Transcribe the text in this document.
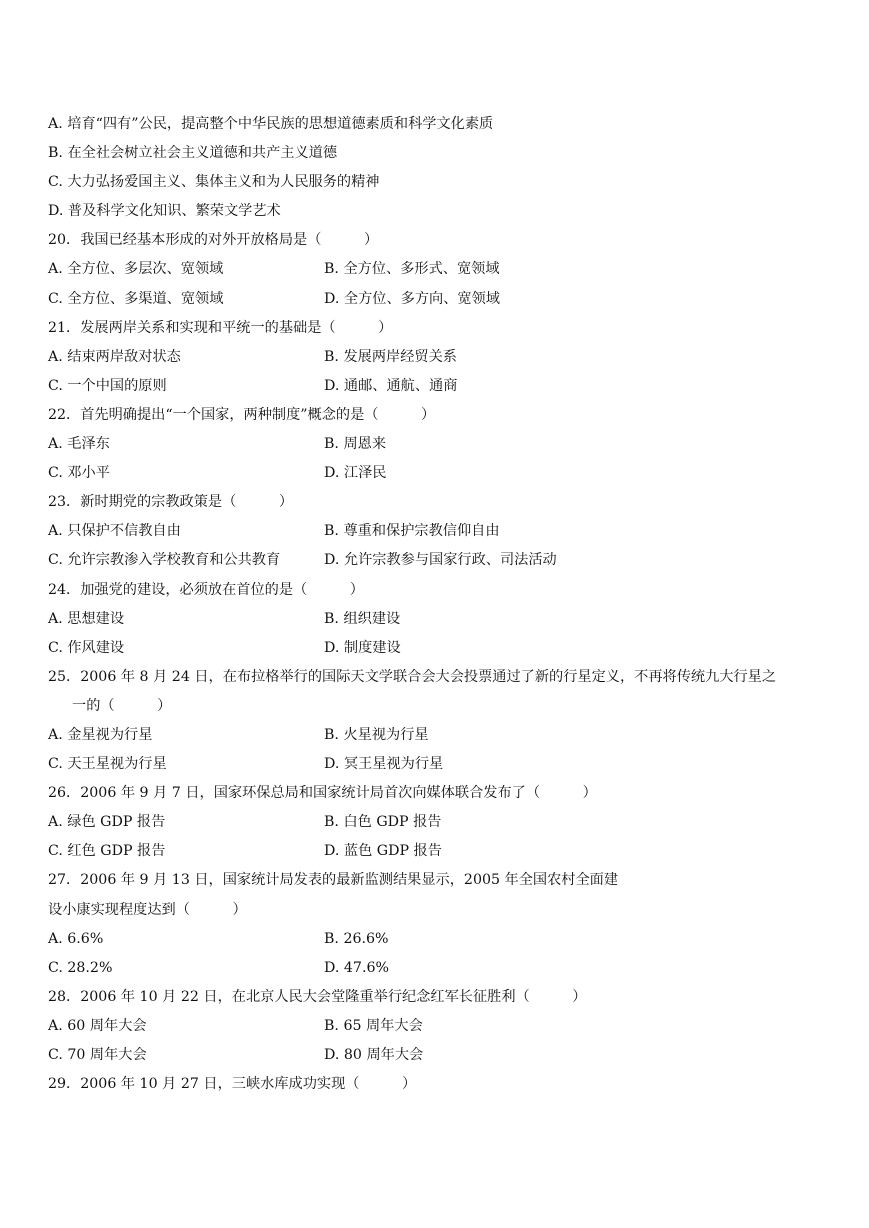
A. 培育“四有”公民，提高整个中华民族的思想道德素质和科学文化素质
B. 在全社会树立社会主义道德和共产主义道德
C. 大力弘扬爱国主义、集体主义和为人民服务的精神
D. 普及科学文化知识、繁荣文学艺术
20．我国已经基本形成的对外开放格局是（　　　）
A. 全方位、多层次、宽领域	B. 全方位、多形式、宽领域
C. 全方位、多渠道、宽领域	D. 全方位、多方向、宽领域
21．发展两岸关系和实现和平统一的基础是（　　　）
A. 结束两岸敌对状态	B. 发展两岸经贸关系
C. 一个中国的原则	D. 通邮、通航、通商
22．首先明确提出“一个国家，两种制度”概念的是（　　　）
A. 毛泽东	B. 周恩来
C. 邓小平	D. 江泽民
23．新时期党的宗教政策是（　　　）
A. 只保护不信教自由	B. 尊重和保护宗教信仰自由
C. 允许宗教渗入学校教育和公共教育	D. 允许宗教参与国家行政、司法活动
24．加强党的建设，必须放在首位的是（　　　）
A. 思想建设	B. 组织建设
C. 作风建设	D. 制度建设
25．2006 年 8 月 24 日，在布拉格举行的国际天文学联合会大会投票通过了新的行星定义，不再将传统九大行星之
一的（　　　）
A. 金星视为行星	B. 火星视为行星
C. 天王星视为行星	D. 冥王星视为行星
26．2006 年 9 月 7 日，国家环保总局和国家统计局首次向媒体联合发布了（　　　）
A. 绿色 GDP 报告	B. 白色 GDP 报告
C. 红色 GDP 报告	D. 蓝色 GDP 报告
27．2006 年 9 月 13 日，国家统计局发表的最新监测结果显示，2005 年全国农村全面建
设小康实现程度达到（　　　）
A. 6.6%	B. 26.6%
C. 28.2%	D. 47.6%
28．2006 年 10 月 22 日，在北京人民大会堂隆重举行纪念红军长征胜利（　　　）
A. 60 周年大会	B. 65 周年大会
C. 70 周年大会	D. 80 周年大会
29．2006 年 10 月 27 日，三峡水库成功实现（　　　）
